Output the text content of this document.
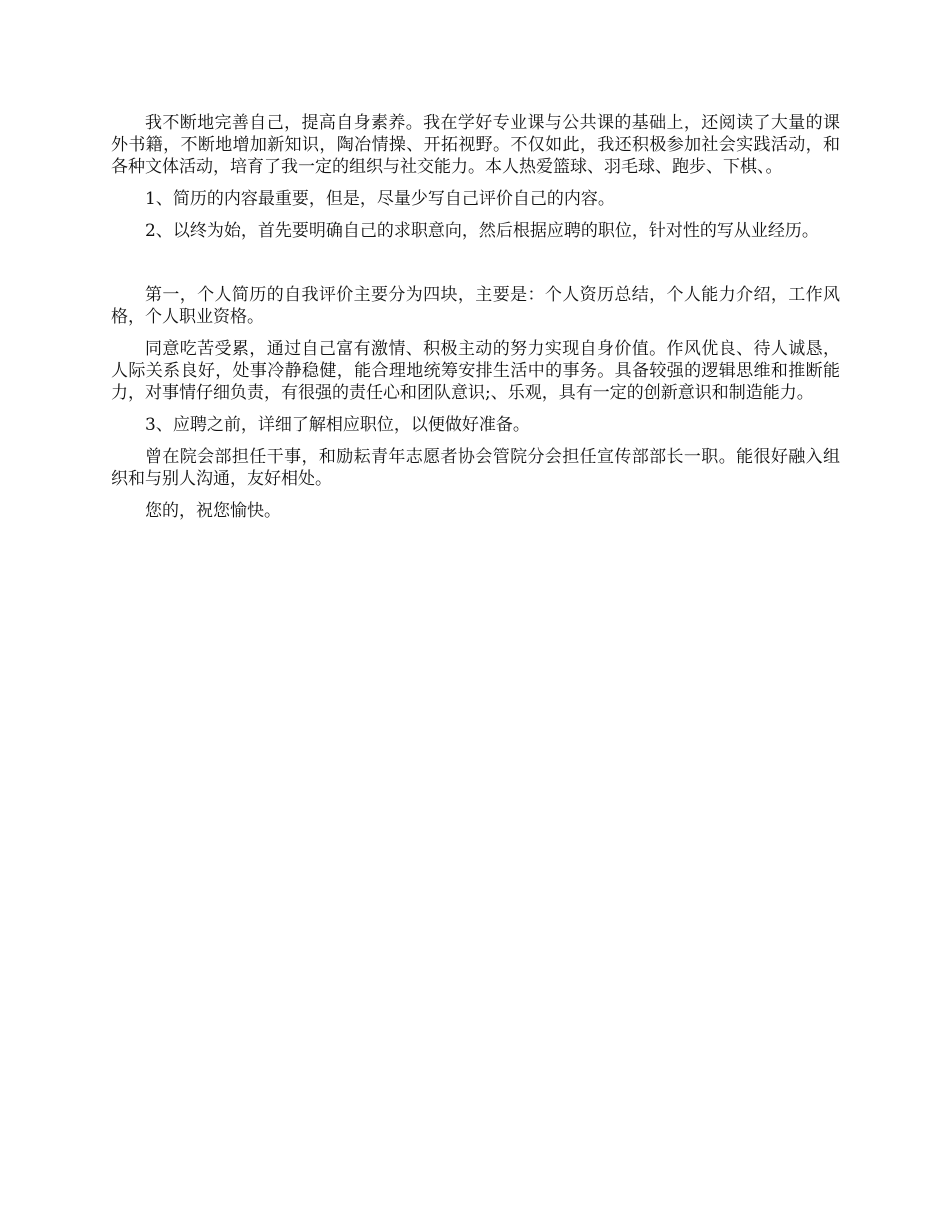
我不断地完善自己，提高自身素养。我在学好专业课与公共课的基础上，还阅读了大量的课外书籍，不断地增加新知识，陶冶情操、开拓视野。不仅如此，我还积极参加社会实践活动，和各种文体活动，培育了我一定的组织与社交能力。本人热爱篮球、羽毛球、跑步、下棋、。

1、简历的内容最重要，但是，尽量少写自己评价自己的内容。

2、以终为始，首先要明确自己的求职意向，然后根据应聘的职位，针对性的写从业经历。

第一，个人简历的自我评价主要分为四块，主要是：个人资历总结，个人能力介绍，工作风格，个人职业资格。

同意吃苦受累，通过自己富有激情、积极主动的努力实现自身价值。作风优良、待人诚恳，人际关系良好，处事冷静稳健，能合理地统筹安排生活中的事务。具备较强的逻辑思维和推断能力，对事情仔细负责，有很强的责任心和团队意识;、乐观，具有一定的创新意识和制造能力。

3、应聘之前，详细了解相应职位，以便做好准备。

曾在院会部担任干事，和励耘青年志愿者协会管院分会担任宣传部部长一职。能很好融入组织和与别人沟通，友好相处。

您的，祝您愉快。
